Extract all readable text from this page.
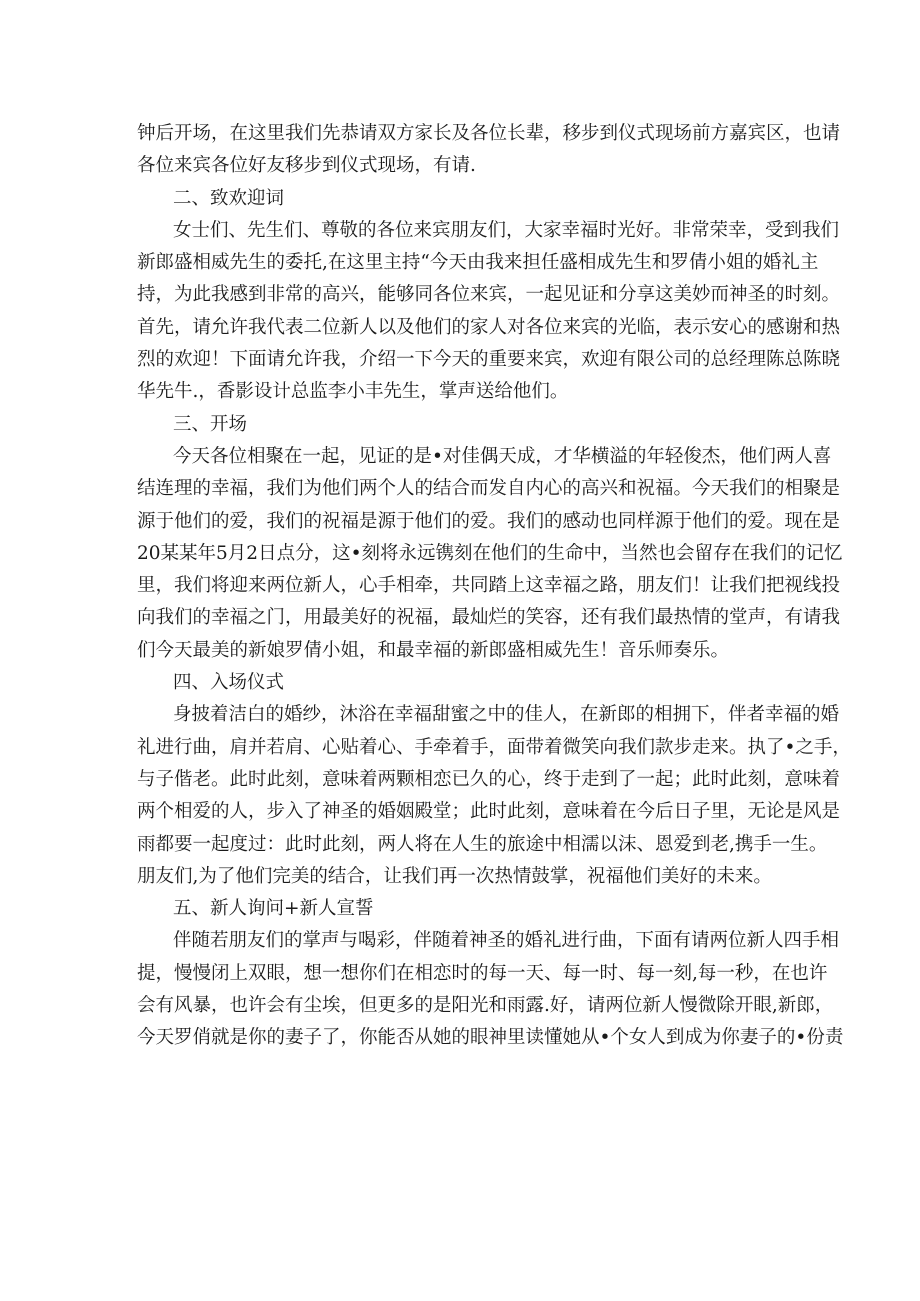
钟后开场，在这里我们先恭请双方家长及各位长辈，移步到仪式现场前方嘉宾区，也请
各位来宾各位好友移步到仪式现场，有请.
二、致欢迎词
女士们、先生们、尊敬的各位来宾朋友们，大家幸福时光好。非常荣幸，受到我们
新郎盛相威先生的委托,在这里主持“今天由我来担任盛相成先生和罗倩小姐的婚礼主
持，为此我感到非常的高兴，能够同各位来宾，一起见证和分享这美妙而神圣的时刻。
首先，请允许我代表二位新人以及他们的家人对各位来宾的光临，表示安心的感谢和热
烈的欢迎！下面请允许我，介绍一下今天的重要来宾，欢迎有限公司的总经理陈总陈晓
华先牛.，香影设计总监李小丰先生，掌声送给他们。
三、开场
今天各位相聚在一起，见证的是•对佳偶天成，才华横溢的年轻俊杰，他们两人喜
结连理的幸福，我们为他们两个人的结合而发自内心的高兴和祝福。今天我们的相聚是
源于他们的爱，我们的祝福是源于他们的爱。我们的感动也同样源于他们的爱。现在是
20某某年5月2日点分，这•刻将永远镌刻在他们的生命中，当然也会留存在我们的记忆
里，我们将迎来两位新人，心手相牵，共同踏上这幸福之路，朋友们！让我们把视线投
向我们的幸福之门，用最美好的祝福，最灿烂的笑容，还有我们最热情的堂声，有请我
们今天最美的新娘罗倩小姐，和最幸福的新郎盛相威先生！音乐师奏乐。
四、入场仪式
身披着洁白的婚纱，沐浴在幸福甜蜜之中的佳人，在新郎的相拥下，伴者幸福的婚
礼进行曲，肩并若肩、心贴着心、手牵着手，面带着微笑向我们款步走来。执了•之手，
与子偕老。此时此刻，意味着两颗相恋已久的心，终于走到了一起；此时此刻，意味着
两个相爱的人，步入了神圣的婚姻殿堂；此时此刻，意味着在今后日子里，无论是风是
雨都要一起度过：此时此刻，两人将在人生的旅途中相濡以沫、恩爱到老,携手一生。
朋友们,为了他们完美的结合，让我们再一次热情鼓掌，祝福他们美好的未来。
五、新人询问+新人宣誓
伴随若朋友们的掌声与喝彩，伴随着神圣的婚礼进行曲，下面有请两位新人四手相
提，慢慢闭上双眼，想一想你们在相恋时的每一天、每一时、每一刻,每一秒，在也许
会有风暴，也许会有尘埃，但更多的是阳光和雨露.好，请两位新人慢微除开眼,新郎，
今天罗俏就是你的妻子了，你能否从她的眼神里读懂她从•个女人到成为你妻子的•份责
